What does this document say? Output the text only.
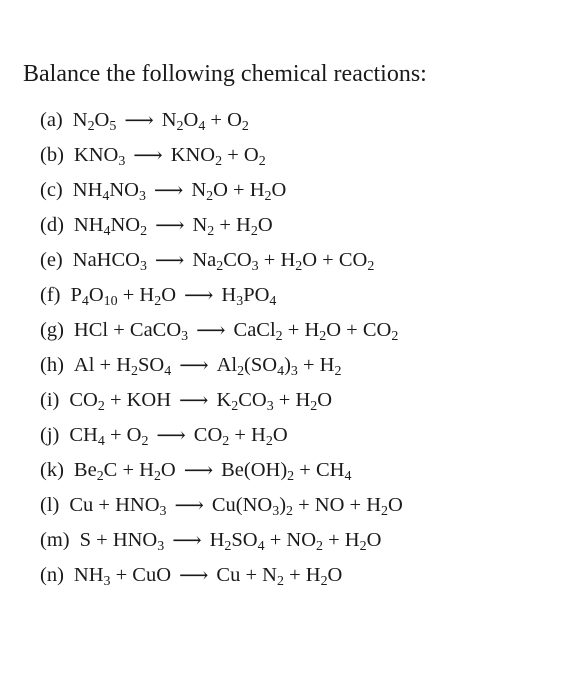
Balance the following chemical reactions:
(a) $N_2O_5$ ⟶ $N_2O_4 + O_2$
(b) $KNO_3$ ⟶ $KNO_2 + O_2$
(c) $NH_4NO_3$ ⟶ $N_2O + H_2O$
(d) $NH_4NO_2$ ⟶ $N_2 + H_2O$
(e) NaHCO$_3$ ⟶ $Na_2CO_3 + H_2O + CO_2$
(f) $P_4O_{10} + H_2O$ ⟶ $H_3PO_4$
(g) HCl + CaCO$_3$ ⟶ CaCl$_2$ + $H_2O + CO_2$
(h) $Al + H_2SO_4$ ⟶ $Al_2(SO_4)_3 + H_2$
(i) $CO_2$ + KOH ⟶ $K_2CO_3 + H_2O$
(j) $CH_4 + O_2$ ⟶ $CO_2 + H_2O$
(k) $Be_2C + H_2O$ ⟶ $Be(OH)_2 + CH_4$
(l) $Cu + HNO_3$ ⟶ $Cu(NO_3)_2$ + NO + $H_2O$
(m) $S + HNO_3$ ⟶ $H_2SO_4 + NO_2 + H_2O$
(n) $NH_3$ + CuO ⟶ $Cu + N_2 + H_2O$
